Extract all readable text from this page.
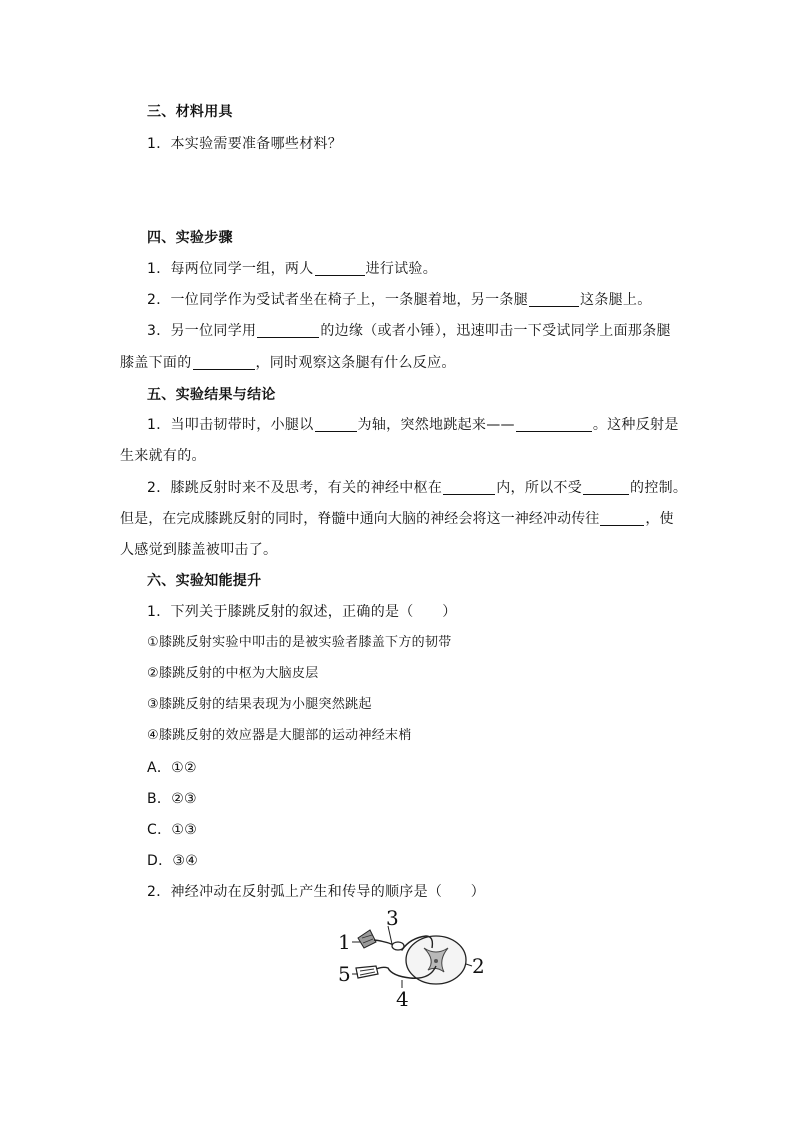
三、材料用具
1．本实验需要准备哪些材料？
四、实验步骤
1．每两位同学一组，两人	进行试验。
2．一位同学作为受试者坐在椅子上，一条腿着地，另一条腿	这条腿上。
3．另一位同学用	的边缘（或者小锤），迅速叩击一下受试同学上面那条腿
膝盖下面的	，同时观察这条腿有什么反应。
五、实验结果与结论
1．当叩击韧带时，小腿以	为轴，突然地跳起来——	。这种反射是
生来就有的。
2．膝跳反射时来不及思考，有关的神经中枢在	内，所以不受	的控制。
但是，在完成膝跳反射的同时，脊髓中通向大脑的神经会将这一神经冲动传往	，使
人感觉到膝盖被叩击了。
六、实验知能提升
1．下列关于膝跳反射的叙述，正确的是（　　）
①膝跳反射实验中叩击的是被实验者膝盖下方的韧带
②膝跳反射的中枢为大脑皮层
③膝跳反射的结果表现为小腿突然跳起
④膝跳反射的效应器是大腿部的运动神经末梢
A．①②
B．②③
C．①③
D．③④
2．神经冲动在反射弧上产生和传导的顺序是（　　）
1
2
3
4
5
